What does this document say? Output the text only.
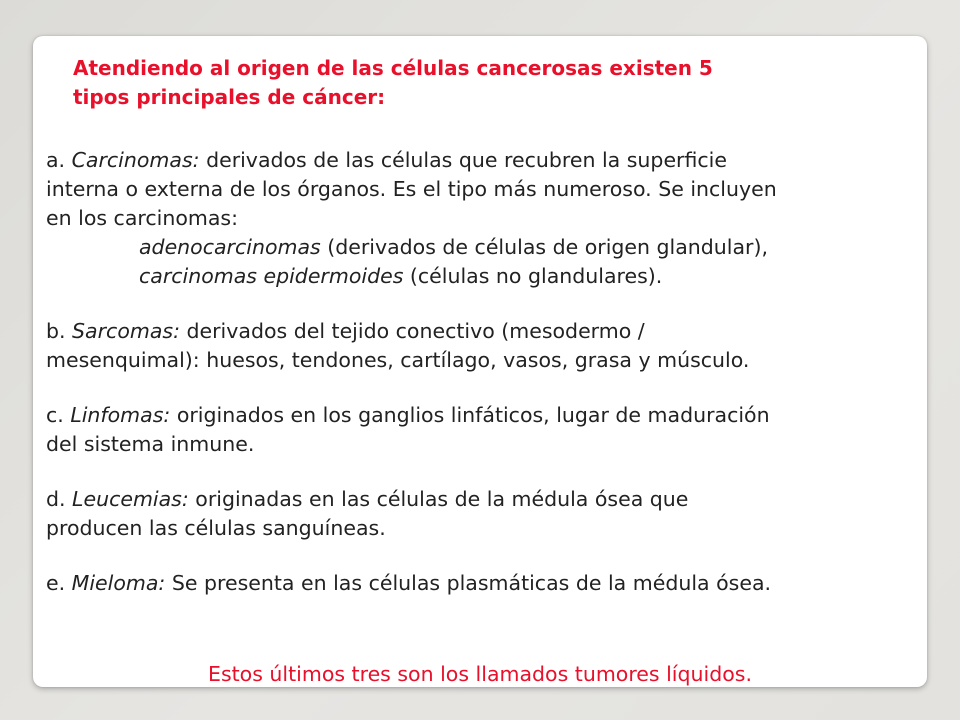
Atendiendo al origen de las células cancerosas existen 5
tipos principales de cáncer:
a. Carcinomas: derivados de las células que recubren la superficie
interna o externa de los órganos. Es el tipo más numeroso. Se incluyen
en los carcinomas:

adenocarcinomas (derivados de células de origen glandular),
carcinomas epidermoides (células no glandulares).
b. Sarcomas: derivados del tejido conectivo (mesodermo /
mesenquimal): huesos, tendones, cartílago, vasos, grasa y músculo.
c. Linfomas: originados en los ganglios linfáticos, lugar de maduración
del sistema inmune.
d. Leucemias: originadas en las células de la médula ósea que
producen las células sanguíneas.
e. Mieloma: Se presenta en las células plasmáticas de la médula ósea.
Estos últimos tres son los llamados tumores líquidos.
